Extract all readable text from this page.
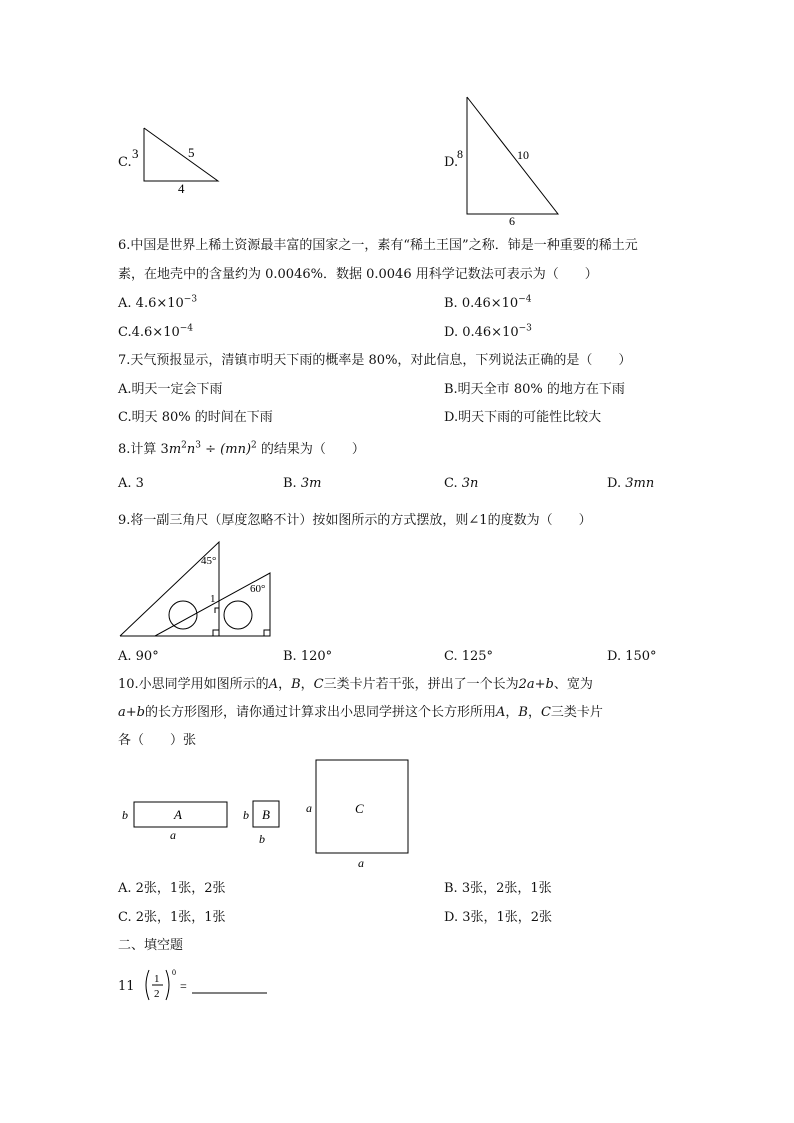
C.
3	5
4
D.
8	10
6
6.中国是世界上稀土资源最丰富的国家之一，素有“稀土王国”之称．铈是一种重要的稀土元
素，在地壳中的含量约为 0.0046%．数据 0.0046 用科学记数法可表示为（　　）
A. $4.6\times 10^{-3}$	B. $0.46\times 10^{-4}$
$C.4.6\times 10^{-4}$	D. $0.46\times 10^{-3}$
7.天气预报显示，清镇市明天下雨的概率是 80%，对此信息，下列说法正确的是（　　）
A.明天一定会下雨	B.明天全市 80% 的地方在下雨
C.明天 80% 的时间在下雨	D.明天下雨的可能性比较大
8.计算 $3m^2n^3 \div (mn)^2$ 的结果为（　　）
A. 3	B. 3m	C. 3n	D. 3mn
9.将一副三角尺（厚度忽略不计）按如图所示的方式摆放，则∠1的度数为（　　）
45°
60°
1
A. 90°	B. 120°	C. 125°	D. 150°
10.小思同学用如图所示的A，B，C三类卡片若干张，拼出了一个长为2a+b、宽为
a+b的长方形图形，请你通过计算求出小思同学拼这个长方形所用A，B，C三类卡片
各（　　）张
A
b
a
B
b
b
C
a
a
A. 2张，1张，2张	B. 3张，2张，1张
C. 2张，1张，1张	D. 3张，1张，2张
二、填空题
11 1
2
0
=
